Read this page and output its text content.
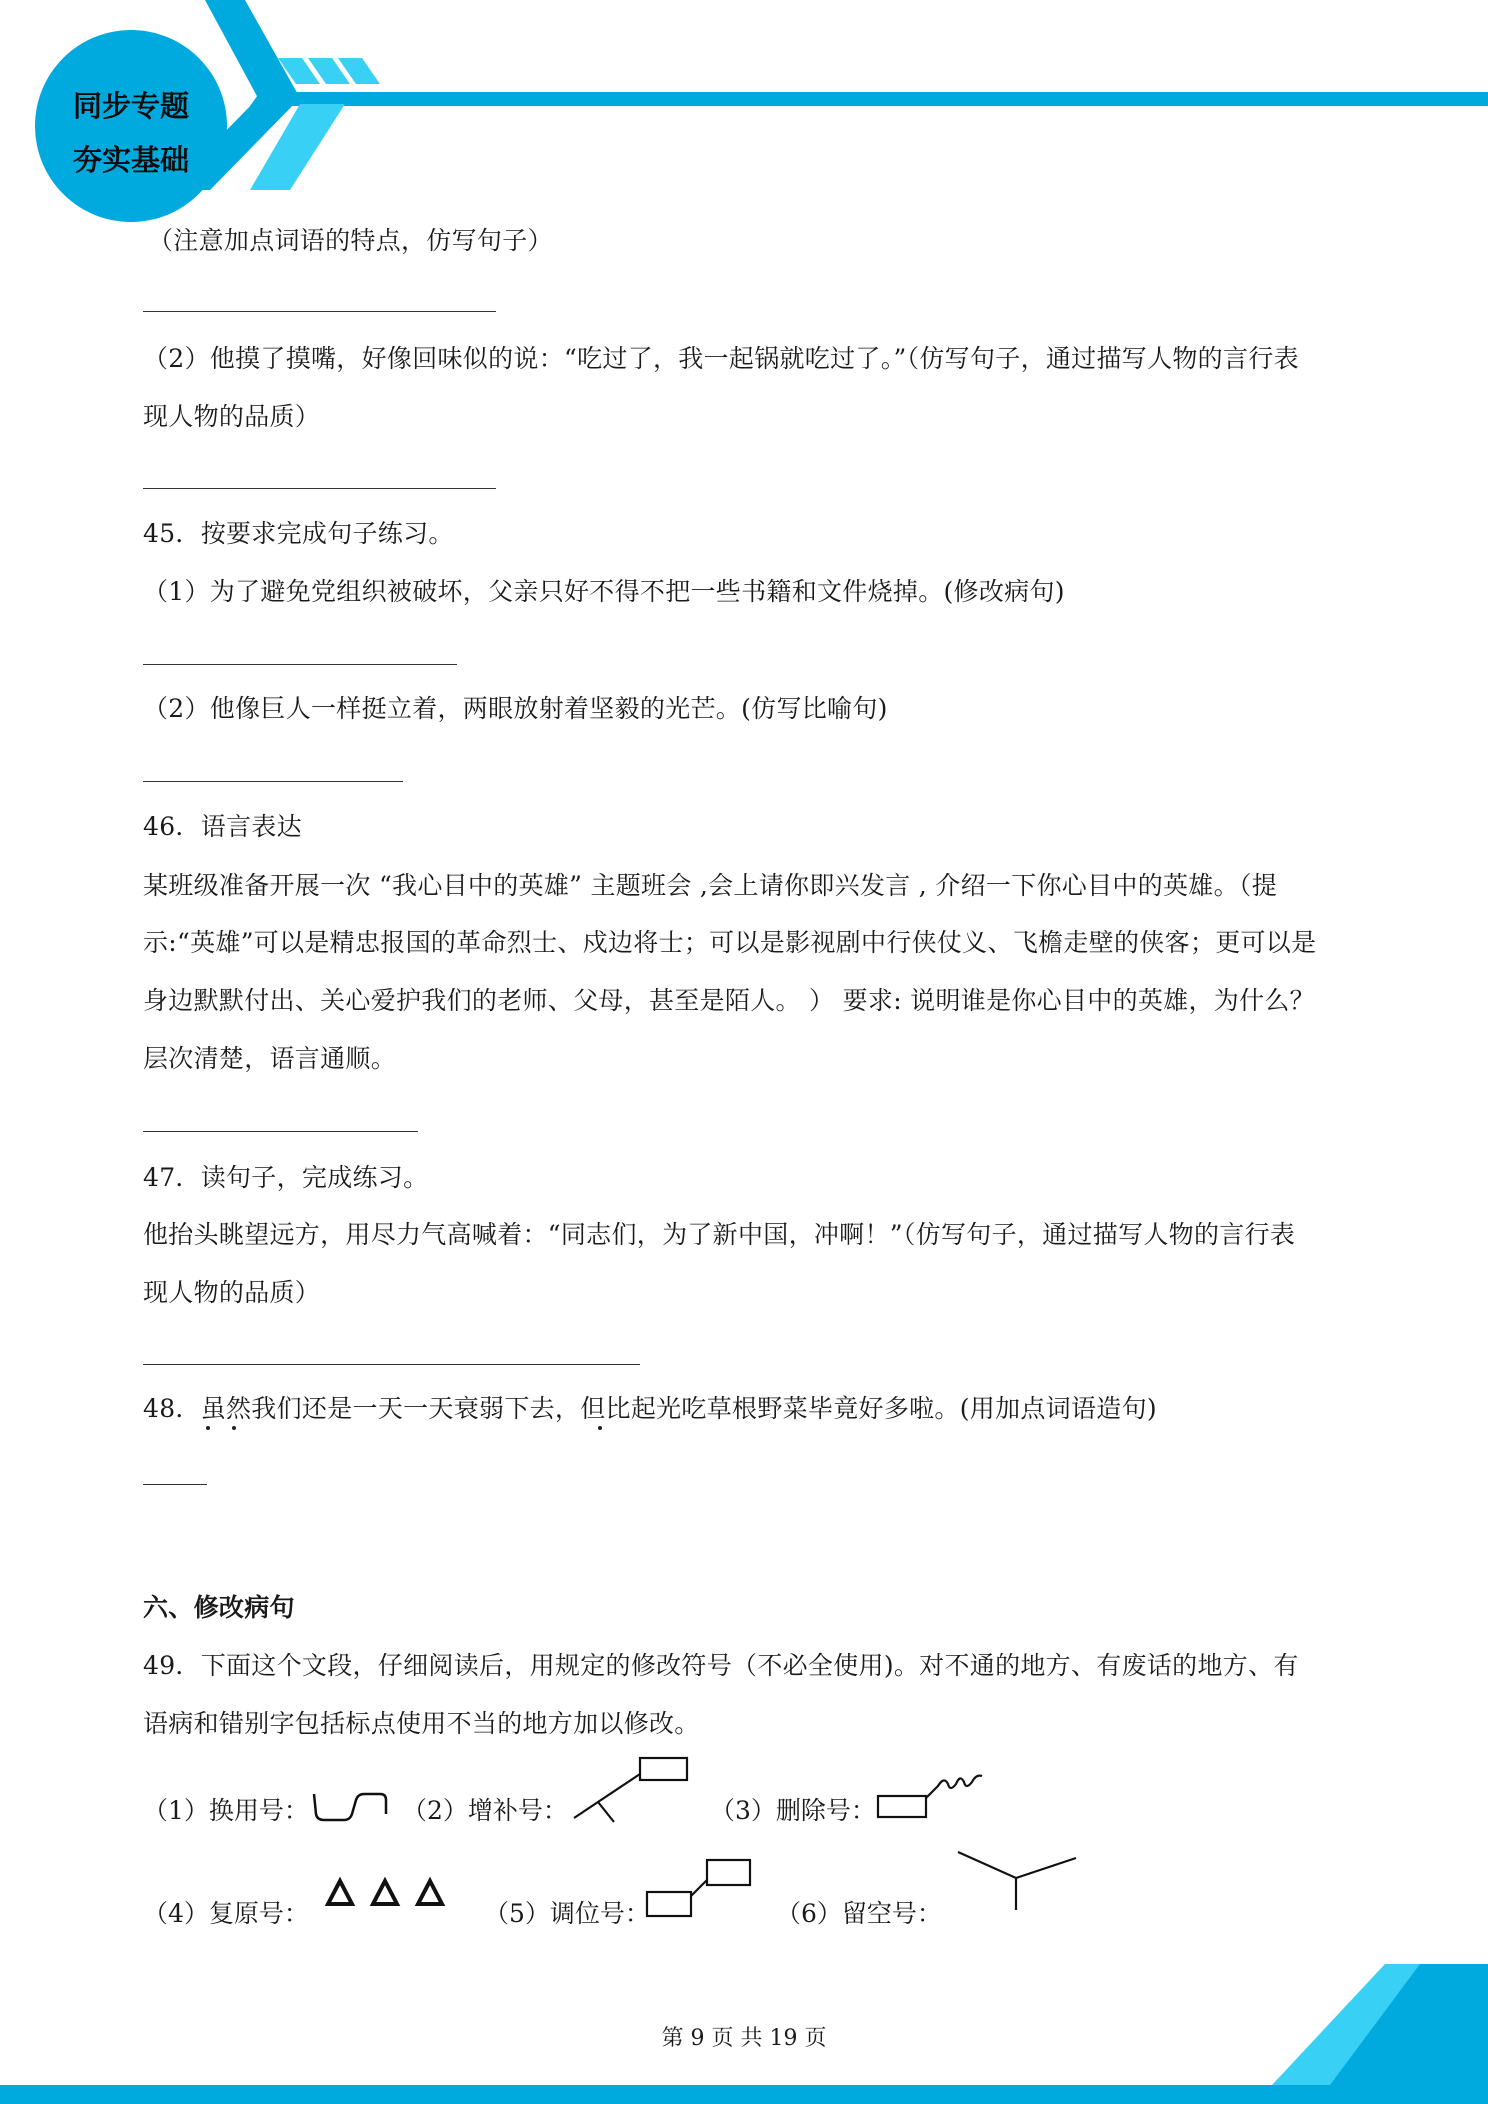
同步专题
夯实基础
（注意加点词语的特点，仿写句子）
（2）他摸了摸嘴，好像回味似的说：“吃过了，我一起锅就吃过了。”（仿写句子，通过描写人物的言行表
现人物的品质）
45．按要求完成句子练习。
（1）为了避免党组织被破坏，父亲只好不得不把一些书籍和文件烧掉。(修改病句)
（2）他像巨人一样挺立着，两眼放射着坚毅的光芒。(仿写比喻句)
46．语言表达
某班级准备开展一次 “我心目中的英雄” 主题班会 ,会上请你即兴发言 , 介绍一下你心目中的英雄。（提
示:“英雄”可以是精忠报国的革命烈士、戍边将士；可以是影视剧中行侠仗义、飞檐走壁的侠客；更可以是
身边默默付出、关心爱护我们的老师、父母，甚至是陌人。 ） 要求: 说明谁是你心目中的英雄，为什么？
层次清楚，语言通顺。
47．读句子，完成练习。
他抬头眺望远方，用尽力气高喊着：“同志们，为了新中国，冲啊！”（仿写句子，通过描写人物的言行表
现人物的品质）
48．虽然我们还是一天一天衰弱下去，但比起光吃草根野菜毕竟好多啦。(用加点词语造句)
六、修改病句
49．下面这个文段，仔细阅读后，用规定的修改符号（不必全使用)。对不通的地方、有废话的地方、有
语病和错别字包括标点使用不当的地方加以修改。
（1）换用号：	（2）增补号：	（3）删除号：
（4）复原号：	（5）调位号：	（6）留空号：
第 9 页 共 19 页
